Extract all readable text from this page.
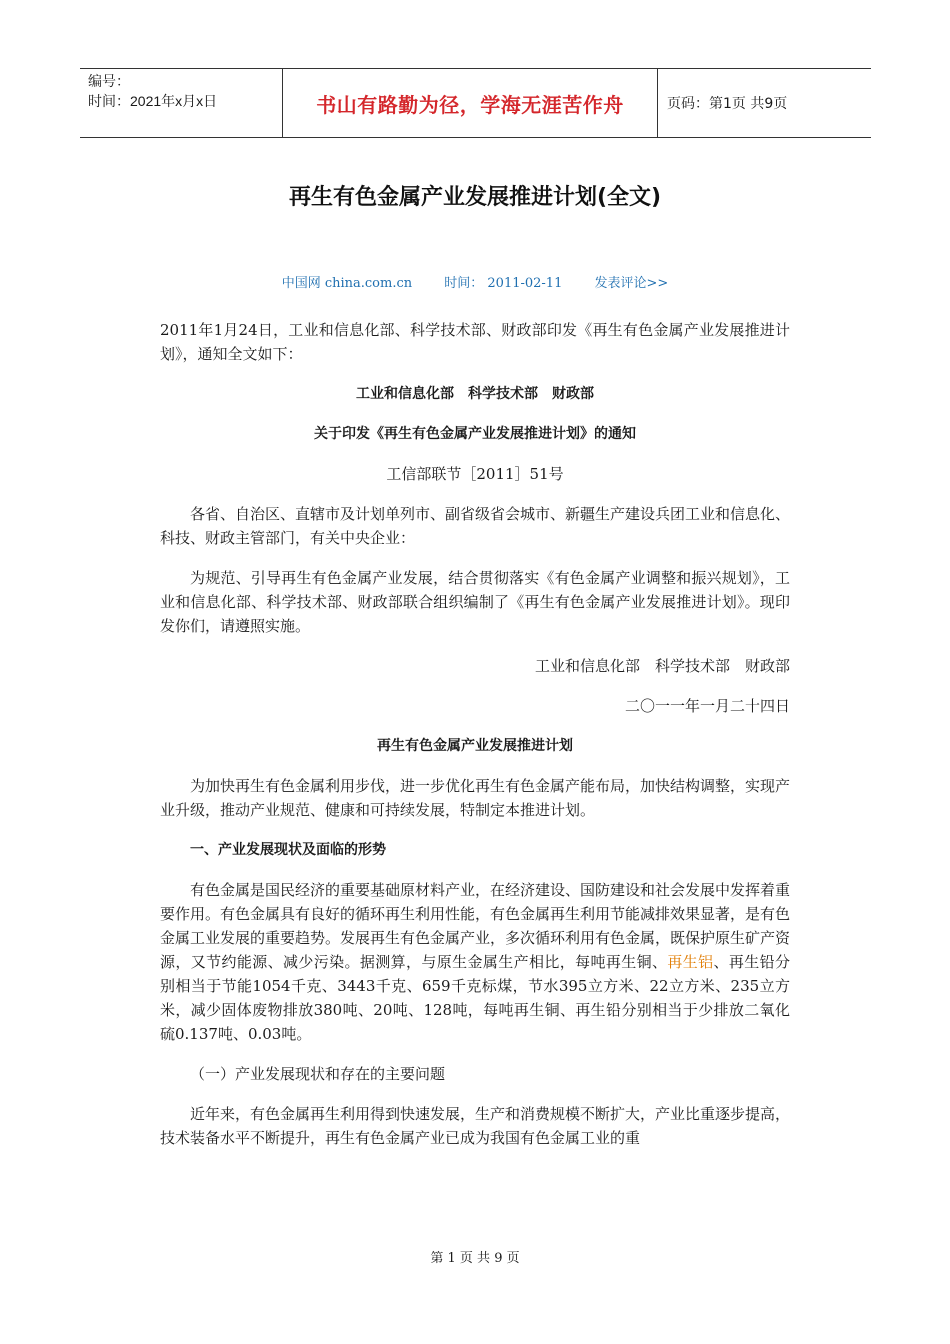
编号：
时间：2021年x月x日	书山有路勤为径，学海无涯苦作舟	页码：第1页 共9页
再生有色金属产业发展推进计划(全文)
中国网 china.com.cn 时间： 2011-02-11 发表评论>>

2011年1月24日，工业和信息化部、科学技术部、财政部印发《再生有色金属产业发展推进计划》，通知全文如下：

工业和信息化部　科学技术部　财政部

关于印发《再生有色金属产业发展推进计划》的通知

工信部联节［2011］51号

各省、自治区、直辖市及计划单列市、副省级省会城市、新疆生产建设兵团工业和信息化、科技、财政主管部门，有关中央企业：

为规范、引导再生有色金属产业发展，结合贯彻落实《有色金属产业调整和振兴规划》，工业和信息化部、科学技术部、财政部联合组织编制了《再生有色金属产业发展推进计划》。现印发你们，请遵照实施。

工业和信息化部　科学技术部　财政部

二〇一一年一月二十四日

再生有色金属产业发展推进计划

为加快再生有色金属利用步伐，进一步优化再生有色金属产能布局，加快结构调整，实现产业升级，推动产业规范、健康和可持续发展，特制定本推进计划。

一、产业发展现状及面临的形势

有色金属是国民经济的重要基础原材料产业，在经济建设、国防建设和社会发展中发挥着重要作用。有色金属具有良好的循环再生利用性能，有色金属再生利用节能减排效果显著，是有色金属工业发展的重要趋势。发展再生有色金属产业，多次循环利用有色金属，既保护原生矿产资源，又节约能源、减少污染。据测算，与原生金属生产相比，每吨再生铜、再生铝、再生铅分别相当于节能1054千克、3443千克、659千克标煤，节水395立方米、22立方米、235立方米，减少固体废物排放380吨、20吨、128吨，每吨再生铜、再生铅分别相当于少排放二氧化硫0.137吨、0.03吨。

（一）产业发展现状和存在的主要问题

近年来，有色金属再生利用得到快速发展，生产和消费规模不断扩大，产业比重逐步提高，技术装备水平不断提升，再生有色金属产业已成为我国有色金属工业的重

第 1 页 共 9 页
